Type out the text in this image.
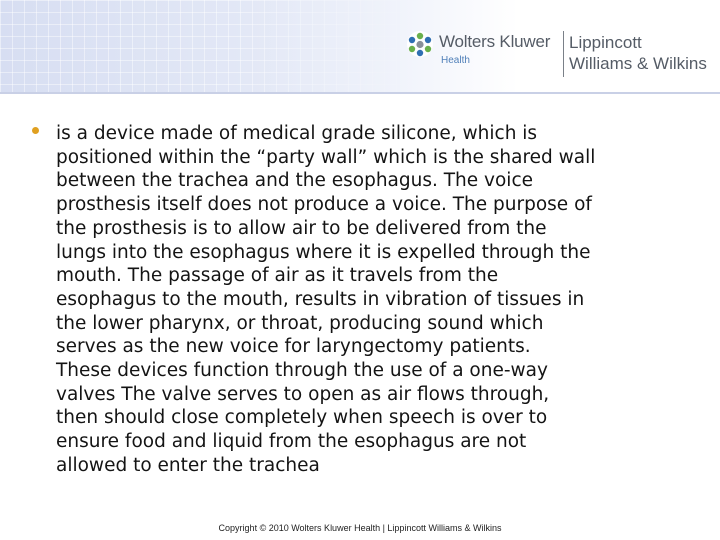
Wolters Kluwer
Health
Lippincott
Williams & Wilkins
is a device made of medical grade silicone, which is
positioned within the “party wall” which is the shared wall
between the trachea and the esophagus. The voice
prosthesis itself does not produce a voice. The purpose of
the prosthesis is to allow air to be delivered from the
lungs into the esophagus where it is expelled through the
mouth. The passage of air as it travels from the
esophagus to the mouth, results in vibration of tissues in
the lower pharynx, or throat, producing sound which
serves as the new voice for laryngectomy patients.
These devices function through the use of a one-way
valves The valve serves to open as air flows through,
then should close completely when speech is over to
ensure food and liquid from the esophagus are not
allowed to enter the trachea
Copyright © 2010 Wolters Kluwer Health | Lippincott Williams & Wilkins
